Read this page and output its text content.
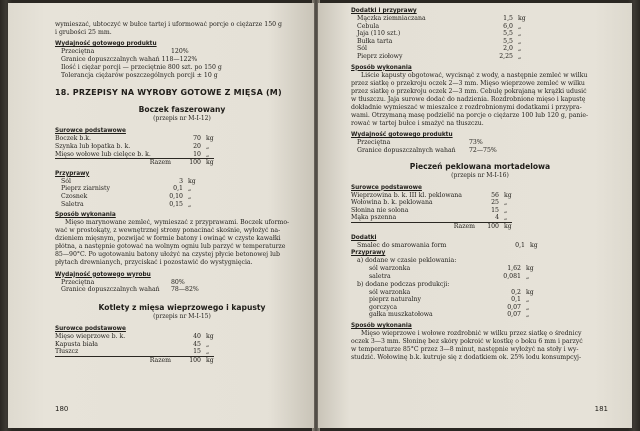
wymieszać, ubtoczyć w bułce tartej i uformować porcje o ciężarze 150 g
i grubości 25 mm.
Wydajność gotowego produktu
Przeciętna	120%
Granice dopuszczalnych wahań 118—122%
Ilość i ciężar porcji — przeciętnie 800 szt. po 150 g
Tolerancja ciężarów poszczególnych porcji ± 10 g
18. PRZEPISY NA WYROBY GOTOWE Z MIĘSA (M)
Boczek faszerowany
(przepis nr M-I-12)
Surowce podstawowe
Boczek b.k.	70	kg
Szynka lub łopatka b. k.	20	„
Mięso wołowe lub cielęce b. k.	10	„
Razem	100	kg
Przyprawy
Sól	3	kg
Pieprz ziarnisty	0,1	„
Czosnek	0,10	„
Saletra	0,15	„
Sposób wykonania
Mięso marynowane zemleć, wymieszać z przyprawami. Boczek uformo-
wać w prostokąty, z wewnętrznej strony ponacinać skośnie, wyłożyć na-
dzieniem mięsnym, pozwijać w formie batony i owinąć w czyste kawałki
płótna, a następnie gotować na wolnym ogniu lub parzyć w temperaturze
85—90°C. Po ugotowaniu batony ułożyć na czystej płycie betonowej lub
płytach drewnianych, przyciskać i pozostawić do wystygnięcia.
Wydajność gotowego wyrobu
Przeciętna	80%
Granice dopuszczalnych wahań	78—82%
Kotlety z mięsa wieprzowego i kapusty
(przepis nr M-I-15)
Surowce podstawowe
Mięso wieprzowe b. k.	40	kg
Kapusta biała	45	„
Tłuszcz	15	„
Razem	100	kg
180
Dodatki i przyprawy
Mączka ziemniaczana	1,5	kg
Cebula	6,0	„
Jaja (110 szt.)	5,5	„
Bułka tarta	5,5	„
Sól	2,0	„
Pieprz ziołowy	2,25	„
Sposób wykonania
Liście kapusty obgotować, wycisnąć z wody, a następnie zemleć w wilku
przez siatkę o przekroju oczek 2—3 mm. Mięso wieprzowe zemleć w wilku
przez siatkę o przekroju oczek 2—3 mm. Cebulę pokrajaną w krążki udusić
w tłuszczu. Jaja surowe dodać do nadzienia. Rozdrobnione mięso i kapustę
dokładnie wymieszać w mieszalce z rozdrobnionymi dodatkami i przypra-
wami. Otrzymaną masę podzielić na porcje o ciężarze 100 lub 120 g, panie-
rować w tartej bułce i smażyć na tłuszczu.
Wydajność gotowego produktu
Przeciętna	73%
Granice dopuszczalnych wahań	72—75%
Pieczeń peklowana mortadelowa
(przepis nr M-I-16)
Surowce podstawowe
Wieprzowina b. k. III kl. peklowana	56	kg
Wołowina b. k. peklowana	25	„
Słonina nie solona	15	„
Mąka pszenna	4	„
Razem	100	kg
Dodatki
Smalec do smarowania form	0,1	kg
Przyprawy
a) dodane w czasie peklowania:
sól warzonka	1,62	kg
saletra	0,081	„
b) dodane podczas produkcji:
sól warzonka	0,2	kg
pieprz naturalny	0,1	„
gorczyca	0,07	„
gałka muszkatołowa	0,07	„
Sposób wykonania
Mięso wieprzowe i wołowe rozdrobnić w wilku przez siatkę o średnicy
oczek 3—3 mm. Słoninę bez skóry pokroić w kostkę o boku 6 mm i parzyć
w temperaturze 85°C przez 3—8 minut, następnie wyłożyć na stoły i wy-
studzić. Wołowinę b.k. kutruje się z dodatkiem ok. 25% lodu konsumpcyj-
181
